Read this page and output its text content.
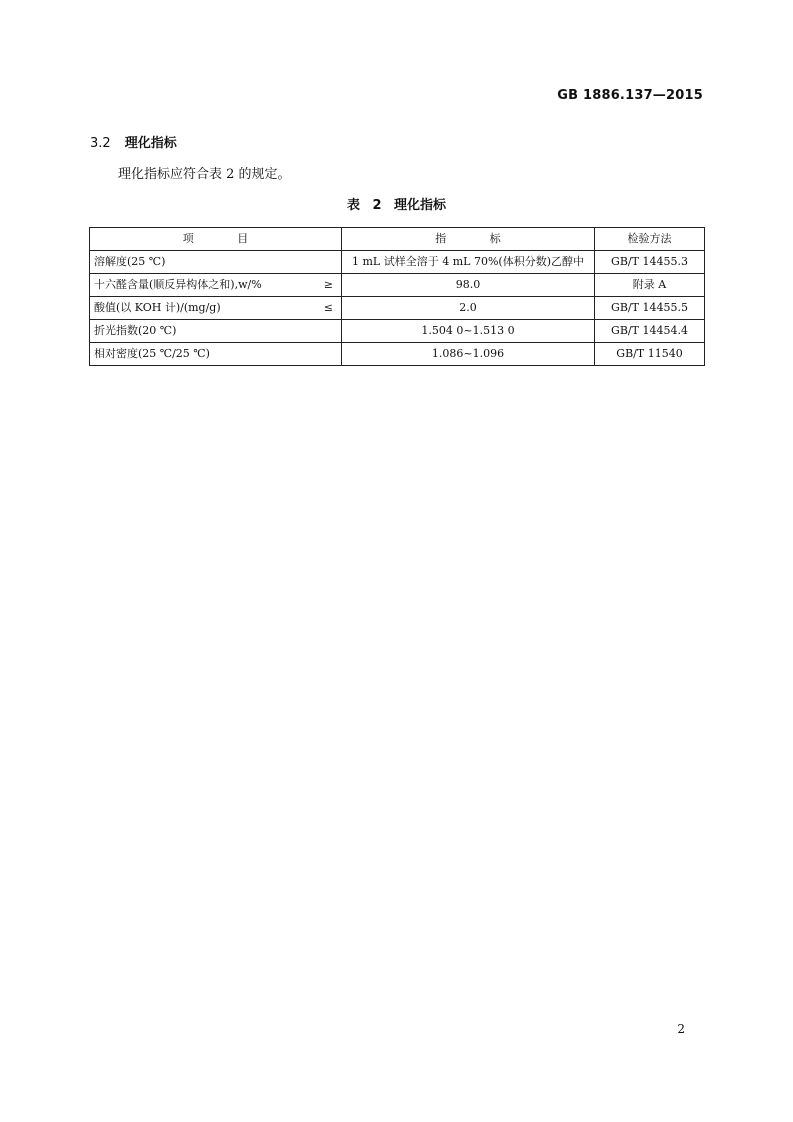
GB 1886.137—2015
3.2 理化指标
理化指标应符合表 2 的规定。
表 2 理化指标
项 目	指 标	检验方法
溶解度(25 ℃)	1 mL 试样全溶于 4 mL 70%(体积分数)乙醇中	GB/T 14455.3
十六醛含量(顺反异构体之和),w/% ≥	98.0	附录 A
酸值(以 KOH 计)/(mg/g) ≤	2.0	GB/T 14455.5
折光指数(20 ℃)	1.504 0~1.513 0	GB/T 14454.4
相对密度(25 ℃/25 ℃)	1.086~1.096	GB/T 11540
2
